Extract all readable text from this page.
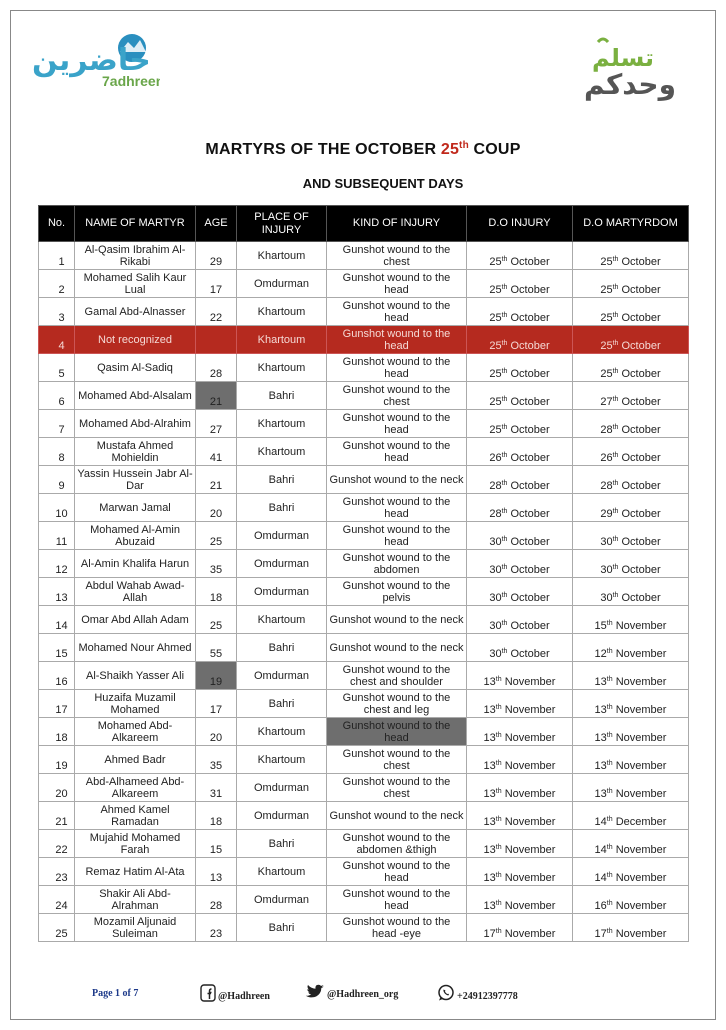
حاضرين
7adhreen
تسلم
وحدكم
MARTYRS OF THE OCTOBER 25th COUP
AND SUBSEQUENT DAYS
No.	NAME OF MARTYR	AGE	PLACE OF INJURY	KIND OF INJURY	D.O INJURY	D.O MARTYRDOM
1	Al-Qasim Ibrahim Al-Rikabi	29	Khartoum	Gunshot wound to the chest	25th October	25th October
2	Mohamed Salih Kaur Lual	17	Omdurman	Gunshot wound to the head	25th October	25th October
3	Gamal Abd-Alnasser	22	Khartoum	Gunshot wound to the head	25th October	25th October
4	Not recognized		Khartoum	Gunshot wound to the head	25th October	25th October
5	Qasim Al-Sadiq	28	Khartoum	Gunshot wound to the head	25th October	25th October
6	Mohamed Abd-Alsalam	21	Bahri	Gunshot wound to the chest	25th October	27th October
7	Mohamed Abd-Alrahim	27	Khartoum	Gunshot wound to the head	25th October	28th October
8	Mustafa Ahmed Mohieldin	41	Khartoum	Gunshot wound to the head	26th October	26th October
9	Yassin Hussein Jabr Al-Dar	21	Bahri	Gunshot wound to the neck	28th October	28th October
10	Marwan Jamal	20	Bahri	Gunshot wound to the head	28th October	29th October
11	Mohamed Al-Amin Abuzaid	25	Omdurman	Gunshot wound to the head	30th October	30th October
12	Al-Amin Khalifa Harun	35	Omdurman	Gunshot wound to the abdomen	30th October	30th October
13	Abdul Wahab Awad-Allah	18	Omdurman	Gunshot wound to the pelvis	30th October	30th October
14	Omar Abd Allah Adam	25	Khartoum	Gunshot wound to the neck	30th October	15th November
15	Mohamed Nour Ahmed	55	Bahri	Gunshot wound to the neck	30th October	12th November
16	Al-Shaikh Yasser Ali	19	Omdurman	Gunshot wound to the chest and shoulder	13th November	13th November
17	Huzaifa Muzamil Mohamed	17	Bahri	Gunshot wound to the chest and leg	13th November	13th November
18	Mohamed Abd-Alkareem	20	Khartoum	Gunshot wound to the head	13th November	13th November
19	Ahmed Badr	35	Khartoum	Gunshot wound to the chest	13th November	13th November
20	Abd-Alhameed Abd-Alkareem	31	Omdurman	Gunshot wound to the chest	13th November	13th November
21	Ahmed Kamel Ramadan	18	Omdurman	Gunshot wound to the neck	13th November	14th December
22	Mujahid Mohamed Farah	15	Bahri	Gunshot wound to the abdomen &thigh	13th November	14th November
23	Remaz Hatim Al-Ata	13	Khartoum	Gunshot wound to the head	13th November	14th November
24	Shakir Ali Abd-Alrahman	28	Omdurman	Gunshot wound to the head	13th November	16th November
25	Mozamil Aljunaid Suleiman	23	Bahri	Gunshot wound to the head -eye	17th November	17th November
Page 1 of 7	@Hadhreen	@Hadhreen_org	+24912397778
